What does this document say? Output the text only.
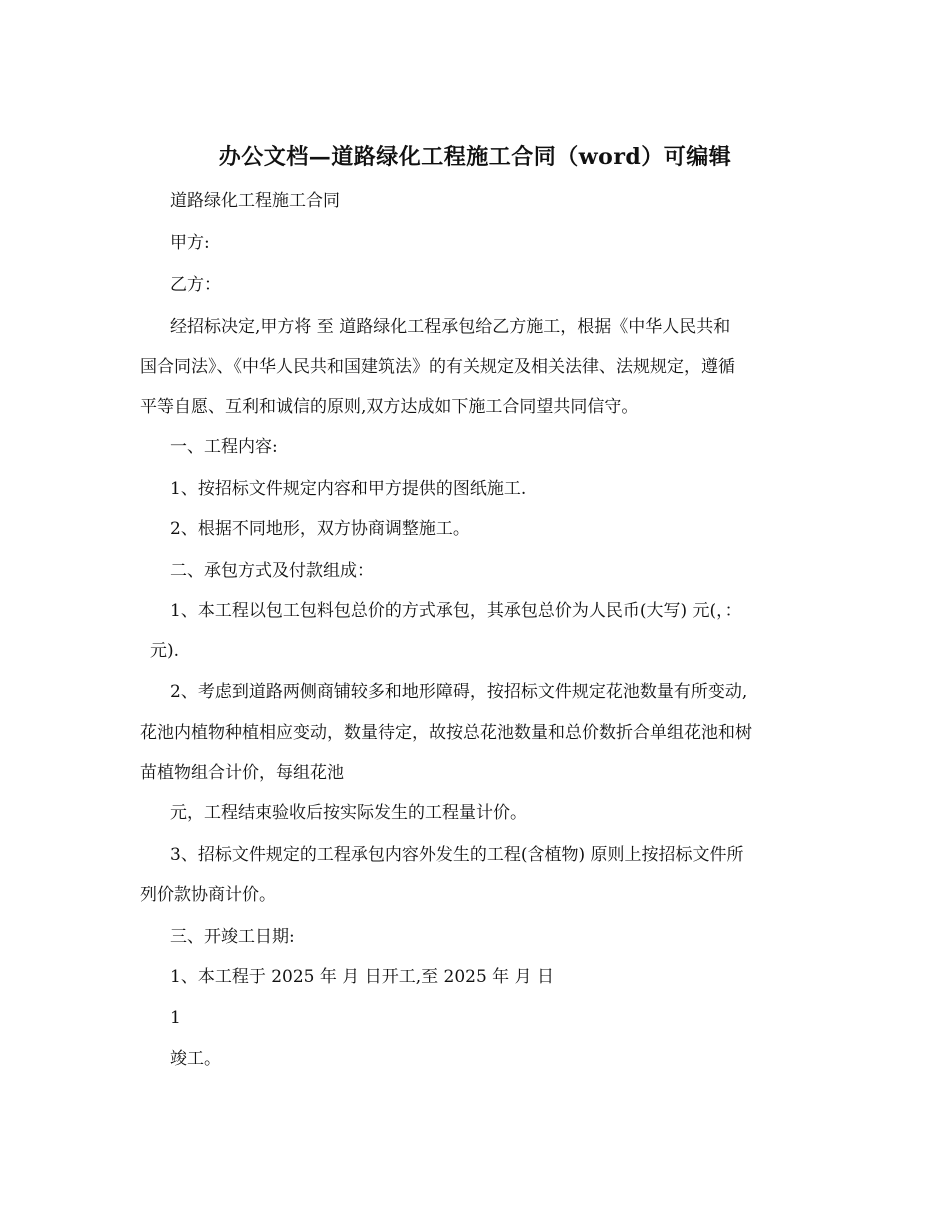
办公文档—道路绿化工程施工合同（word）可编辑

道路绿化工程施工合同

甲方:

乙方：

经招标决定,甲方将 至 道路绿化工程承包给乙方施工，根据《中华人民共和

国合同法》、《中华人民共和国建筑法》的有关规定及相关法律、法规规定，遵循

平等自愿、互利和诚信的原则,双方达成如下施工合同望共同信守。

一、工程内容:

1、按招标文件规定内容和甲方提供的图纸施工.

2、根据不同地形，双方协商调整施工。

二、承包方式及付款组成：

1、本工程以包工包料包总价的方式承包，其承包总价为人民币(大写) 元(，：

元).

2、考虑到道路两侧商铺较多和地形障碍，按招标文件规定花池数量有所变动,

花池内植物种植相应变动，数量待定，故按总花池数量和总价数折合单组花池和树

苗植物组合计价，每组花池

元，工程结束验收后按实际发生的工程量计价。

3、招标文件规定的工程承包内容外发生的工程(含植物) 原则上按招标文件所

列价款协商计价。

三、开竣工日期:

1、本工程于 2025 年 月 日开工,至 2025 年 月 日

1

竣工。
